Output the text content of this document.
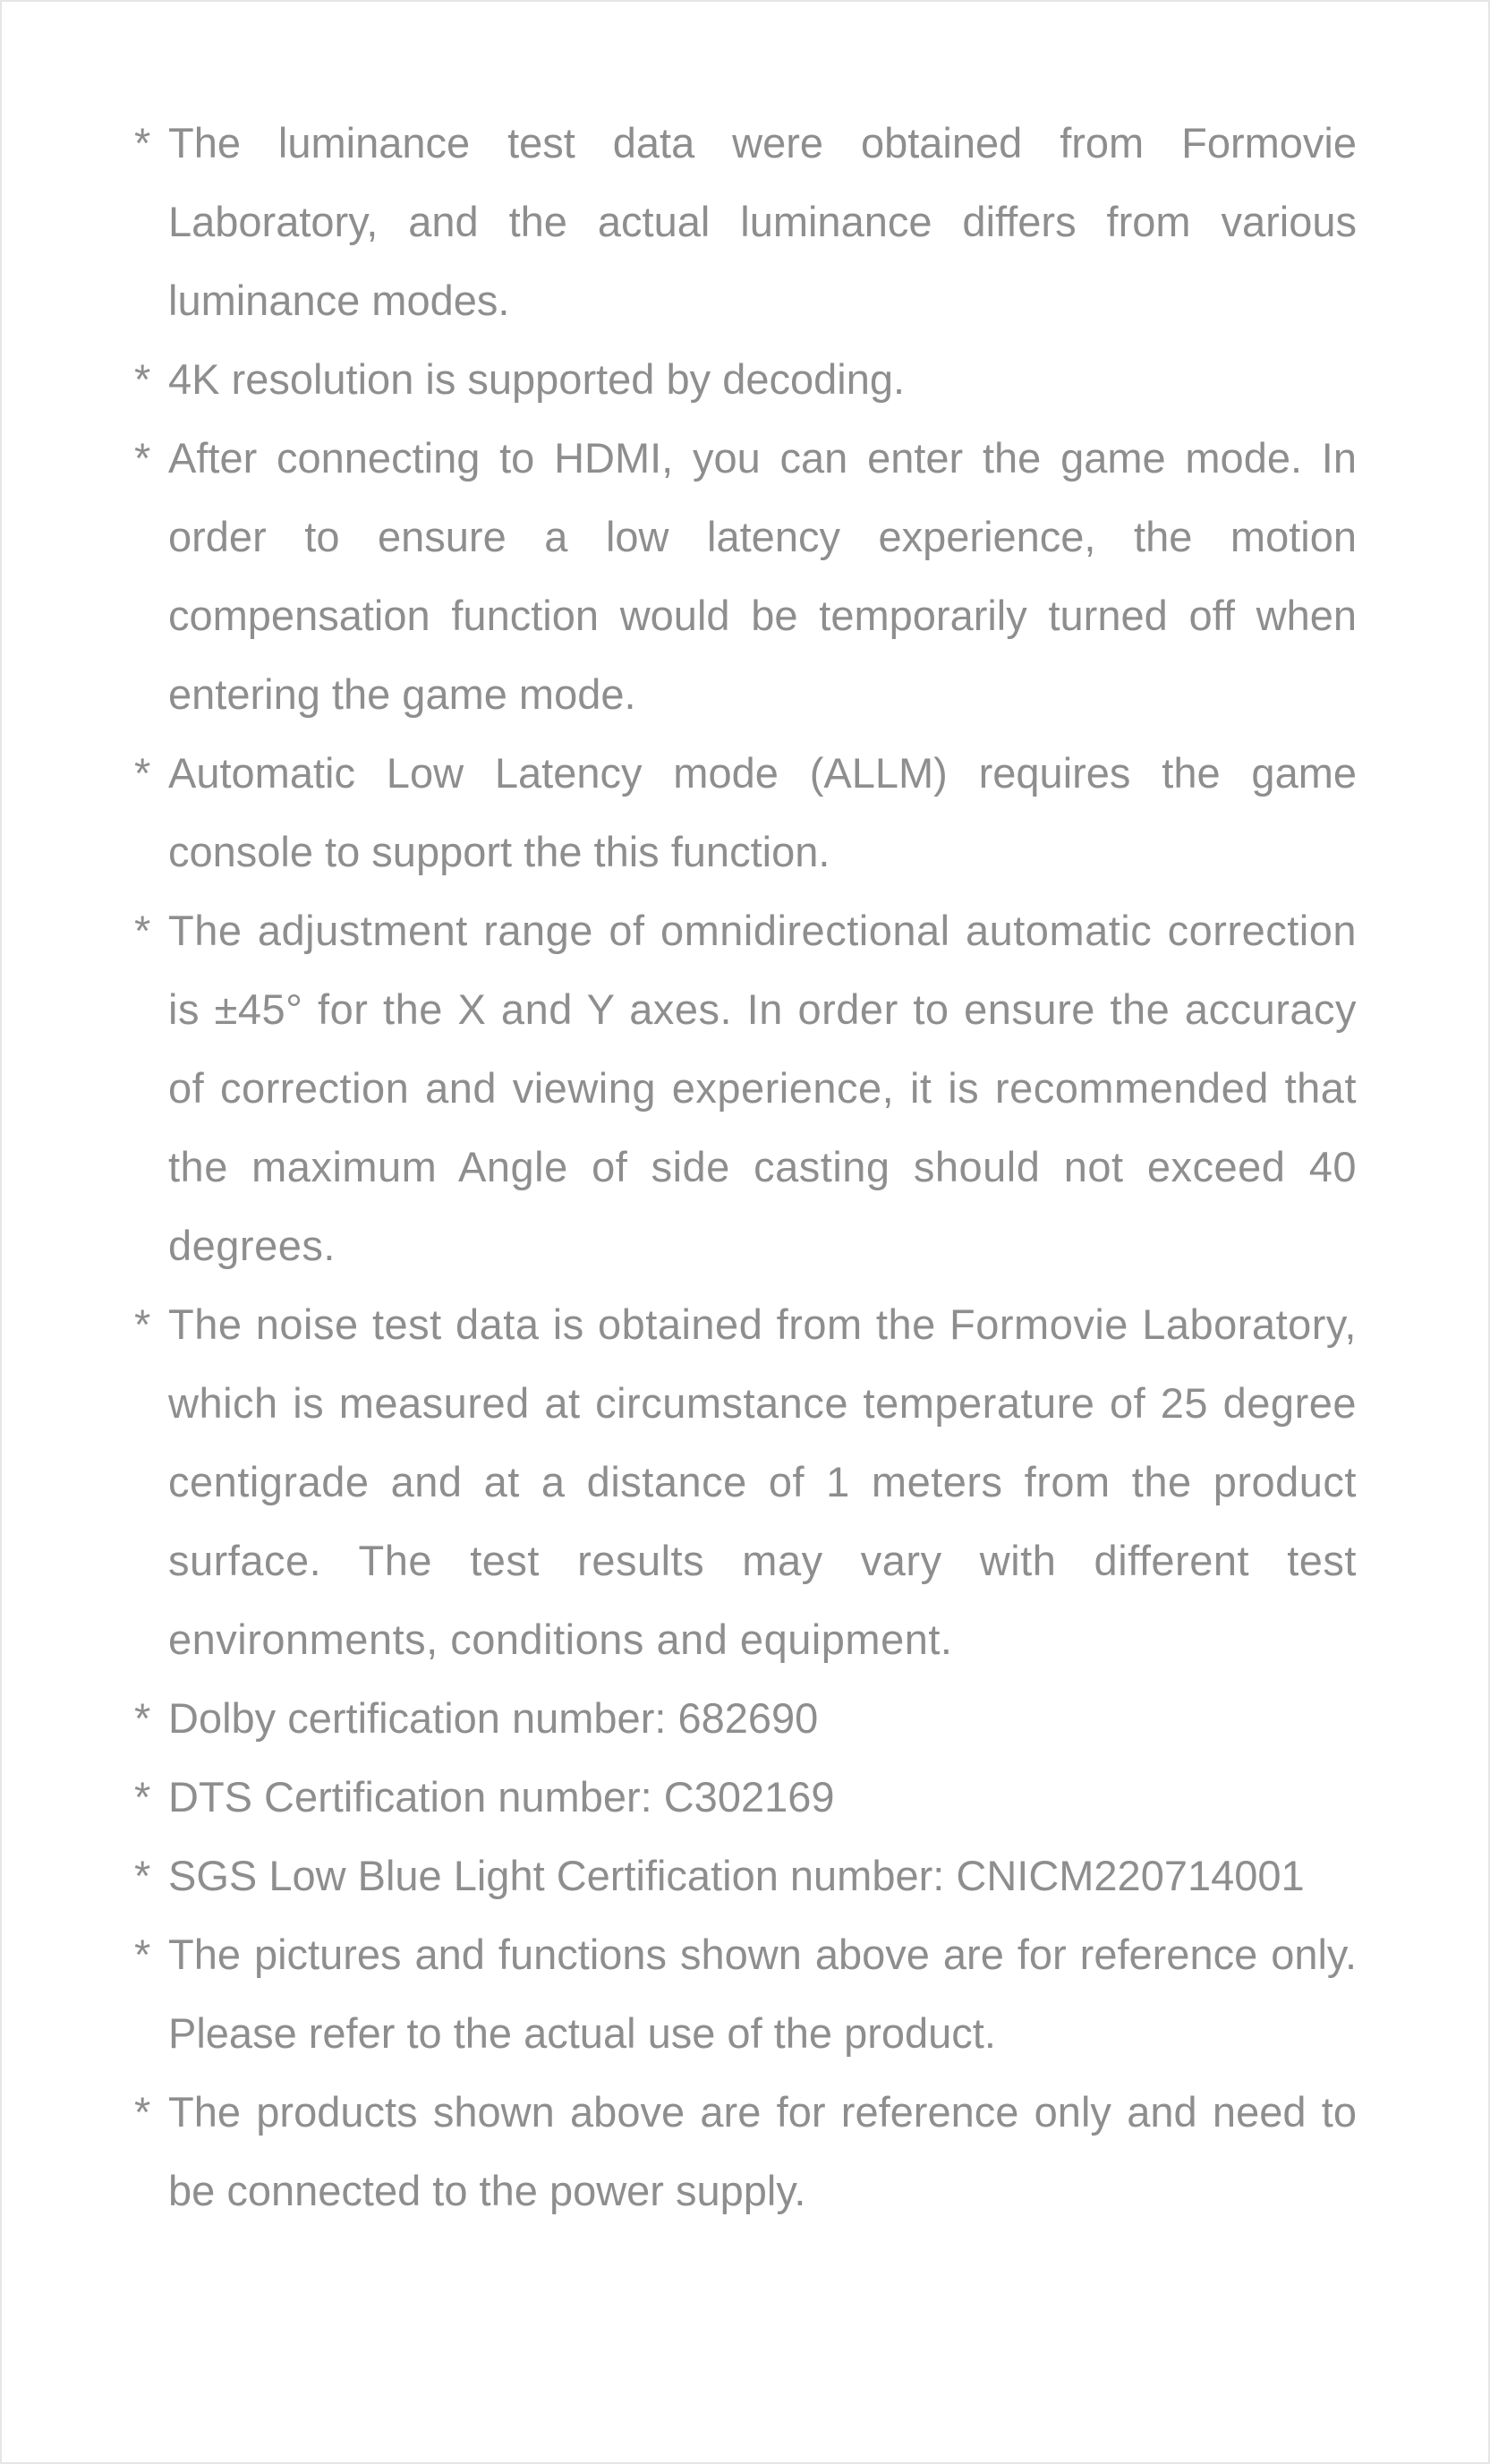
* The luminance test data were obtained from Formovie Laboratory, and the actual luminance differs from various luminance modes.
* 4K resolution is supported by decoding.
* After connecting to HDMI, you can enter the game mode. In order to ensure a low latency experience, the motion compensation function would be temporarily turned off when entering the game mode.
* Automatic Low Latency mode (ALLM) requires the game console to support the this function.
* The adjustment range of omnidirectional automatic correction is ±45° for the X and Y axes. In order to ensure the accuracy of correction and viewing experience, it is recommended that the maximum Angle of side casting should not exceed 40 degrees.
* The noise test data is obtained from the Formovie Laboratory, which is measured at circumstance temperature of 25 degree centigrade and at a distance of 1 meters from the product surface. The test results may vary with different test environments, conditions and equipment.
* Dolby certification number: 682690
* DTS Certification number: C302169
* SGS Low Blue Light Certification number: CNICM220714001
* The pictures and functions shown above are for reference only. Please refer to the actual use of the product.
* The products shown above are for reference only and need to be connected to the power supply.
